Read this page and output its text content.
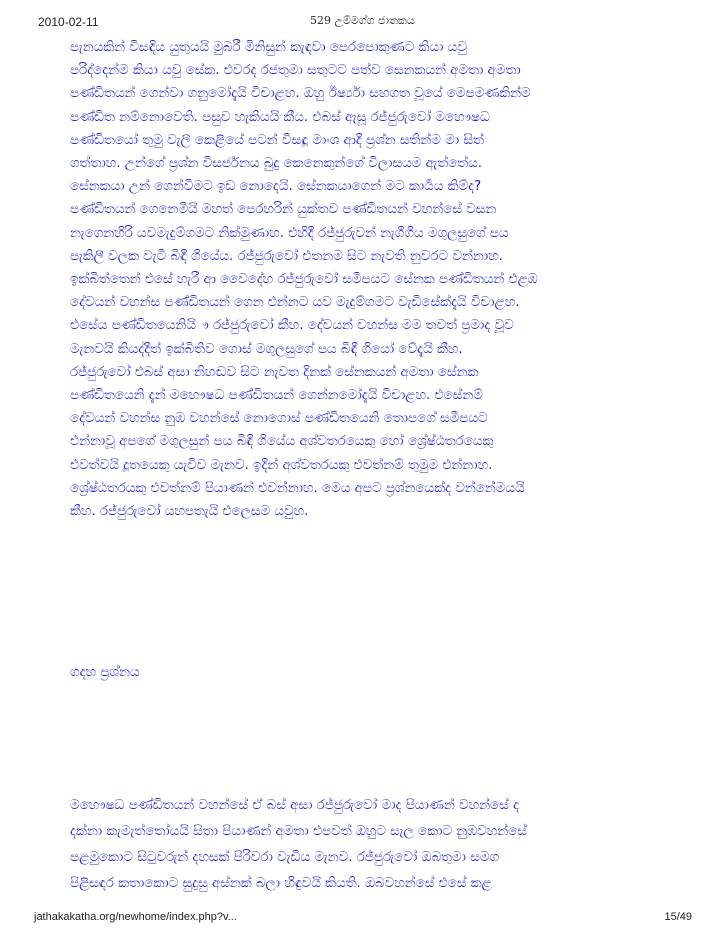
2010-02-11	529 උම්මග්ග ජාතකය

පැනයකින් විසඳිය යුතුයයි මුබරී මිනිසුන් කැඳවා පෙරපොකුණට කියා යවු

පරිද්දෙන්ම කියා යවු සේක. එවරද රජතුමා සතුටට පත්ව සෙනකයන් අමතා අමතා

පණ්ඩිතයන් ගෙන්වා ගනුමෝදැයි විචාළහ. ඔහු ඊර්ෂ්‍යා සහගත වූයේ මෙපමණකින්ම

පණ්ඩිත නම්නොවෙති. පසුව හැකියයි කීය. එබස් ඇසූ රජ්ජුරුවෝ මහෞෂධ

පණ්ඩිතයෝ තුමු වැලි කෙළියේ පටන් විසඳූ මාංශ ආදී ප්‍රශ්න සතින්ම මා සිත්

ගත්තාහ. උන්ගේ ප්‍රශ්න විසර්ජනය බුදු කෙනෙකුන්ගේ විලාසයම ඇත්තේය.

සේනකයා උන් ගෙන්වීමට ඉඩ නොදෙයි. සේනකයාගෙන් මට කාර්‍යය කිම්ද?

පණ්ඩිතයන් ගෙනෙමියි මහත් පෙරහරින් යුක්තව පණ්ඩිතයන් වහන්සේ වසන

නැගෙනහිරි යවමැදුම්ගමට නික්මුණාහ. එහිදී රජ්ජුරුවන් නැගීගිය මගුලසුගේ පය

පැකිලී වලක වැටී බිඳී ගියේය. රජ්ජුරුවෝ එතනම සිට නැවති නුවරට වන්නාහ.

ඉක්බිත්තෙන් එසේ හැරී ආ වෛදේහ රජ්ජුරුවෝ සමීපයට සේනක පණ්ඩිතයන් එළඹ

දේවයන් වහන්ස පණ්ඩිතයන් ගෙන එන්නට යව මැදුම්ගමට වැඩිසේක්දැයි විචාළහ.

එසේය පණ්ඩිතයෙනියි ෟ රජ්ජුරුවෝ කීහ. දේවයන් වහන්ස මම තවත් ප්‍රමාද වූව

මැනවයි කියද්දීත් ඉක්බිතිව ගොස් මගුලසුගේ පය බිඳී ගියෝ වේදැයි කීහ.

රජ්ජුරුවෝ එබස් අසා නිහඬව සිට නැවත දිනක් සේනකයන් අමතා සේනක

පණ්ඩිතයෙනි දැන් මහෞෂධ පණ්ඩිතයන් ගෙන්නමෝදැයි විචාළහ. එසේනම්

දේවයන් වහන්ස නුඹ වහන්සේ නොගොස් පණ්ඩිතයෙනි තොපගේ සමීපයට

එන්නාවූ අපගේ මගුලසුන් පය බිඳී ගියේය අශ්වතරයෙකු හෝ ශ්‍රේෂ්ඨතරයෙකු

එවත්වයි දූතයෙකු යැවිව මැනව. ඉදින් අශ්වතරයකු එවත්නම් තුමුම එන්නාහ.

ශ්‍රේෂ්ඨතරයකු එවත්නම් පියාණන් එවන්නාහ. මෙය අපට ප්‍රශ්නයෙක්ද වන්නේමයයි

කීහ. රජ්ජුරුවෝ යහපතැයි එලෙසම යවුහ.

ගදහ ප්‍රශ්නය

මහෞෂධ පණ්ඩිතයන් වහන්සේ ඒ බස් අසා රජ්ජුරුවෝ මාද පියාණන් වහන්සේ ද

දක්නා කැමැත්තෝයයි සිතා පියාණන් අමතා එපවත් ඔහුට සැල කොට නුඹවහන්සේ

පළමුකොට සිටුවරුන් දහසක් පිරිවරා වැඩිය මැනව. රජ්ජුරුවෝ ඔබතුමා සමග

පිළිසඳර කතාකොට සුදුසු අස්නක් බලා හිඳුවයි කියති. ඔබවහන්සේ එසේ කළ

jathakakatha.org/newhome/index.php?v...	15/49
